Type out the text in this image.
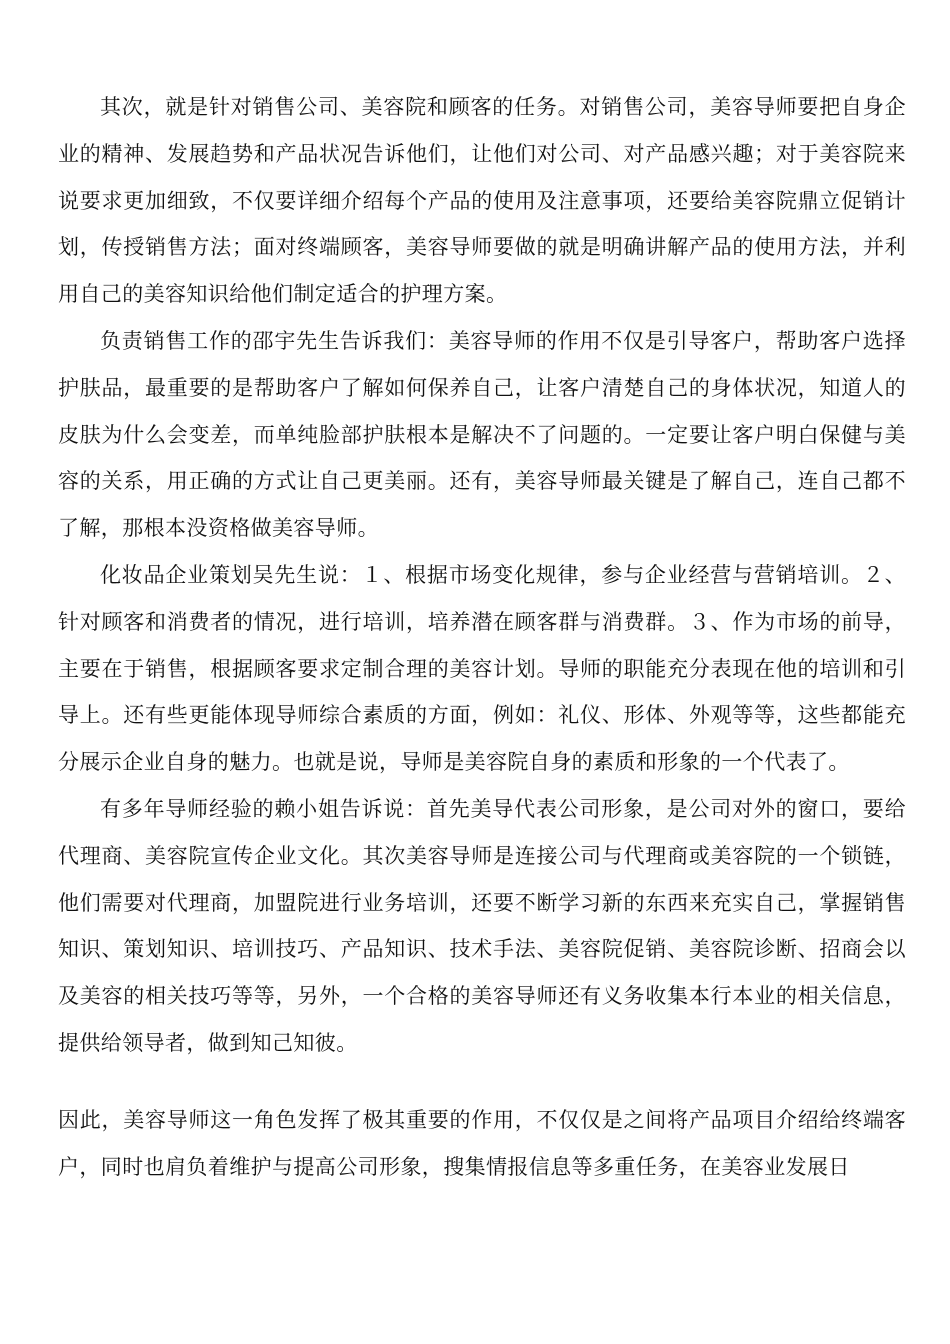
其次，就是针对销售公司、美容院和顾客的任务。对销售公司，美容导师要把自身企业的精神、发展趋势和产品状况告诉他们，让他们对公司、对产品感兴趣；对于美容院来说要求更加细致，不仅要详细介绍每个产品的使用及注意事项，还要给美容院鼎立促销计划，传授销售方法；面对终端顾客，美容导师要做的就是明确讲解产品的使用方法，并利用自己的美容知识给他们制定适合的护理方案。

负责销售工作的邵宇先生告诉我们：美容导师的作用不仅是引导客户，帮助客户选择护肤品，最重要的是帮助客户了解如何保养自己，让客户清楚自己的身体状况，知道人的皮肤为什么会变差，而单纯脸部护肤根本是解决不了问题的。一定要让客户明白保健与美容的关系，用正确的方式让自己更美丽。还有，美容导师最关键是了解自己，连自己都不了解，那根本没资格做美容导师。

化妆品企业策划吴先生说：１、根据市场变化规律，参与企业经营与营销培训。２、针对顾客和消费者的情况，进行培训，培养潜在顾客群与消费群。３、作为市场的前导，主要在于销售，根据顾客要求定制合理的美容计划。导师的职能充分表现在他的培训和引导上。还有些更能体现导师综合素质的方面，例如：礼仪、形体、外观等等，这些都能充分展示企业自身的魅力。也就是说，导师是美容院自身的素质和形象的一个代表了。

有多年导师经验的赖小姐告诉说：首先美导代表公司形象，是公司对外的窗口，要给代理商、美容院宣传企业文化。其次美容导师是连接公司与代理商或美容院的一个锁链，他们需要对代理商，加盟院进行业务培训，还要不断学习新的东西来充实自己，掌握销售知识、策划知识、培训技巧、产品知识、技术手法、美容院促销、美容院诊断、招商会以及美容的相关技巧等等，另外，一个合格的美容导师还有义务收集本行本业的相关信息，提供给领导者，做到知己知彼。

因此，美容导师这一角色发挥了极其重要的作用，不仅仅是之间将产品项目介绍给终端客户，同时也肩负着维护与提高公司形象，搜集情报信息等多重任务，在美容业发展日
